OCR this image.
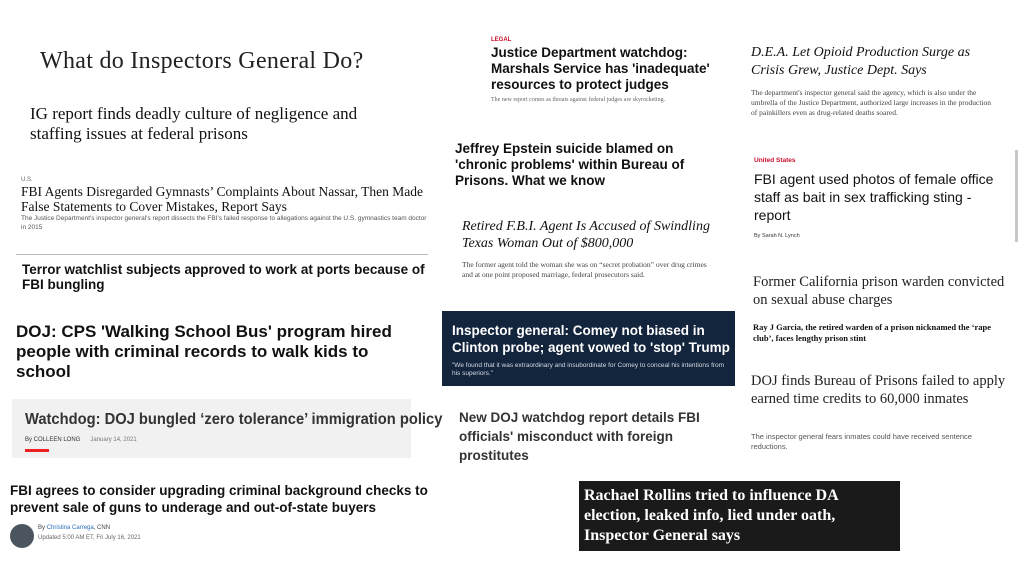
What do Inspectors General Do?
IG report finds deadly culture of negligence and staffing issues at federal prisons
U.S.
FBI Agents Disregarded Gymnasts’ Complaints About Nassar, Then Made False Statements to Cover Mistakes, Report Says
The Justice Department's inspector general's report dissects the FBI's failed response to allegations against the U.S. gymnastics team doctor in 2015
Terror watchlist subjects approved to work at ports because of FBI bungling
DOJ: CPS 'Walking School Bus' program hired people with criminal records to walk kids to school
Watchdog: DOJ bungled ‘zero tolerance’ immigration policy
By COLLEEN LONG January 14, 2021
FBI agrees to consider upgrading criminal background checks to prevent sale of guns to underage and out-of-state buyers
By Christina Carrega, CNN
Updated 5:00 AM ET, Fri July 16, 2021
LEGAL
Justice Department watchdog: Marshals Service has 'inadequate' resources to protect judges
The new report comes as threats against federal judges are skyrocketing.
Jeffrey Epstein suicide blamed on 'chronic problems' within Bureau of Prisons. What we know
Retired F.B.I. Agent Is Accused of Swindling Texas Woman Out of $800,000
The former agent told the woman she was on “secret probation” over drug crimes and at one point proposed marriage, federal prosecutors said.
Inspector general: Comey not biased in Clinton probe; agent vowed to 'stop' Trump
"We found that it was extraordinary and insubordinate for Comey to conceal his intentions from his superiors."
New DOJ watchdog report details FBI officials' misconduct with foreign prostitutes
Rachael Rollins tried to influence DA election, leaked info, lied under oath, Inspector General says
D.E.A. Let Opioid Production Surge as Crisis Grew, Justice Dept. Says
The department's inspector general said the agency, which is also under the umbrella of the Justice Department, authorized large increases in the production of painkillers even as drug-related deaths soared.
United States
FBI agent used photos of female office staff as bait in sex trafficking sting -report
By Sarah N. Lynch
Former California prison warden convicted on sexual abuse charges
Ray J Garcia, the retired warden of a prison nicknamed the ‘rape club’, faces lengthy prison stint
DOJ finds Bureau of Prisons failed to apply earned time credits to 60,000 inmates
The inspector general fears inmates could have received sentence reductions.
